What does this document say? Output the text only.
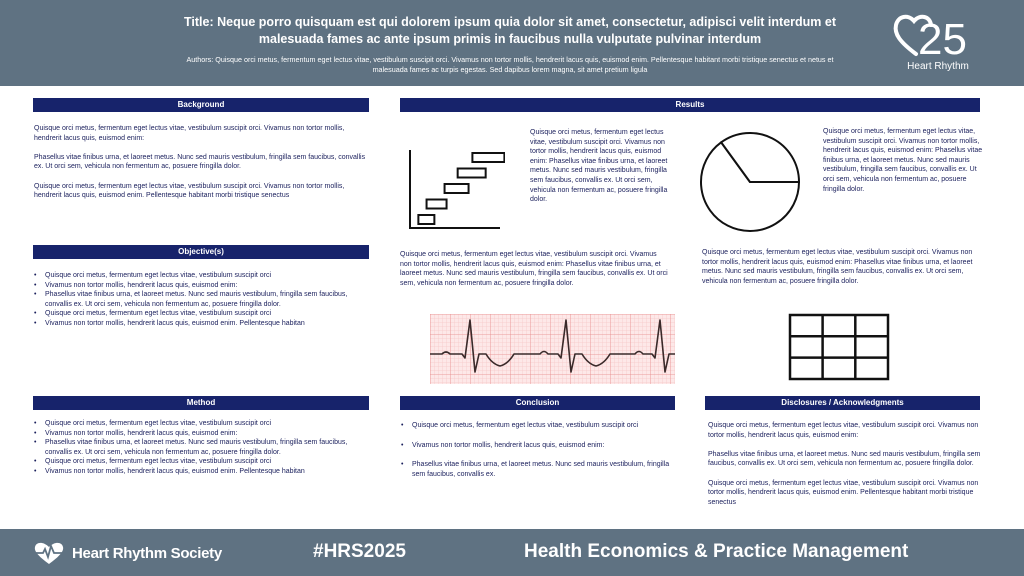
Title: Neque porro quisquam est qui dolorem ipsum quia dolor sit amet, consectetur, adipisci velit interdum et malesuada fames ac ante ipsum primis in faucibus nulla vulputate pulvinar interdum
Authors: Quisque orci metus, fermentum eget lectus vitae, vestibulum suscipit orci. Vivamus non tortor mollis, hendrerit lacus quis, euismod enim. Pellentesque habitant morbi tristique senectus et netus et malesuada fames ac turpis egestas. Sed dapibus lorem magna, sit amet pretium ligula
25
Heart Rhythm
Background

Quisque orci metus, fermentum eget lectus vitae, vestibulum suscipit orci. Vivamus non tortor mollis, hendrerit lacus quis, euismod enim:

Phasellus vitae finibus urna, et laoreet metus. Nunc sed mauris vestibulum, fringilla sem faucibus, convallis ex. Ut orci sem, vehicula non fermentum ac, posuere fringilla dolor.

Quisque orci metus, fermentum eget lectus vitae, vestibulum suscipit orci. Vivamus non tortor mollis, hendrerit lacus quis, euismod enim. Pellentesque habitant morbi tristique senectus

Objective(s)
• Quisque orci metus, fermentum eget lectus vitae, vestibulum suscipit orci
• Vivamus non tortor mollis, hendrerit lacus quis, euismod enim:
• Phasellus vitae finibus urna, et laoreet metus. Nunc sed mauris vestibulum, fringilla sem faucibus, convallis ex. Ut orci sem, vehicula non fermentum ac, posuere fringilla dolor.
• Quisque orci metus, fermentum eget lectus vitae, vestibulum suscipit orci
• Vivamus non tortor mollis, hendrerit lacus quis, euismod enim. Pellentesque habitan
Method
• Quisque orci metus, fermentum eget lectus vitae, vestibulum suscipit orci
• Vivamus non tortor mollis, hendrerit lacus quis, euismod enim:
• Phasellus vitae finibus urna, et laoreet metus. Nunc sed mauris vestibulum, fringilla sem faucibus, convallis ex. Ut orci sem, vehicula non fermentum ac, posuere fringilla dolor.
• Quisque orci metus, fermentum eget lectus vitae, vestibulum suscipit orci
• Vivamus non tortor mollis, hendrerit lacus quis, euismod enim. Pellentesque habitan
Results
Quisque orci metus, fermentum eget lectus vitae, vestibulum suscipit orci. Vivamus non tortor mollis, hendrerit lacus quis, euismod enim: Phasellus vitae finibus urna, et laoreet metus. Nunc sed mauris vestibulum, fringilla sem faucibus, convallis ex. Ut orci sem, vehicula non fermentum ac, posuere fringilla dolor.
Quisque orci metus, fermentum eget lectus vitae, vestibulum suscipit orci. Vivamus non tortor mollis, hendrerit lacus quis, euismod enim: Phasellus vitae finibus urna, et laoreet metus. Nunc sed mauris vestibulum, fringilla sem faucibus, convallis ex. Ut orci sem, vehicula non fermentum ac, posuere fringilla dolor.
Quisque orci metus, fermentum eget lectus vitae, vestibulum suscipit orci. Vivamus non tortor mollis, hendrerit lacus quis, euismod enim: Phasellus vitae finibus urna, et laoreet metus. Nunc sed mauris vestibulum, fringilla sem faucibus, convallis ex. Ut orci sem, vehicula non fermentum ac, posuere fringilla dolor.
Quisque orci metus, fermentum eget lectus vitae, vestibulum suscipit orci. Vivamus non tortor mollis, hendrerit lacus quis, euismod enim: Phasellus vitae finibus urna, et laoreet metus. Nunc sed mauris vestibulum, fringilla sem faucibus, convallis ex. Ut orci sem, vehicula non fermentum ac, posuere fringilla dolor.
Conclusion
• Quisque orci metus, fermentum eget lectus vitae, vestibulum suscipit orci
• Vivamus non tortor mollis, hendrerit lacus quis, euismod enim:
• Phasellus vitae finibus urna, et laoreet metus. Nunc sed mauris vestibulum, fringilla sem faucibus, convallis ex.
Disclosures / Acknowledgments

Quisque orci metus, fermentum eget lectus vitae, vestibulum suscipit orci. Vivamus non tortor mollis, hendrerit lacus quis, euismod enim:

Phasellus vitae finibus urna, et laoreet metus. Nunc sed mauris vestibulum, fringilla sem faucibus, convallis ex. Ut orci sem, vehicula non fermentum ac, posuere fringilla dolor.

Quisque orci metus, fermentum eget lectus vitae, vestibulum suscipit orci. Vivamus non tortor mollis, hendrerit lacus quis, euismod enim. Pellentesque habitant morbi tristique senectus

Heart Rhythm Society	#HRS2025	Health Economics & Practice Management
